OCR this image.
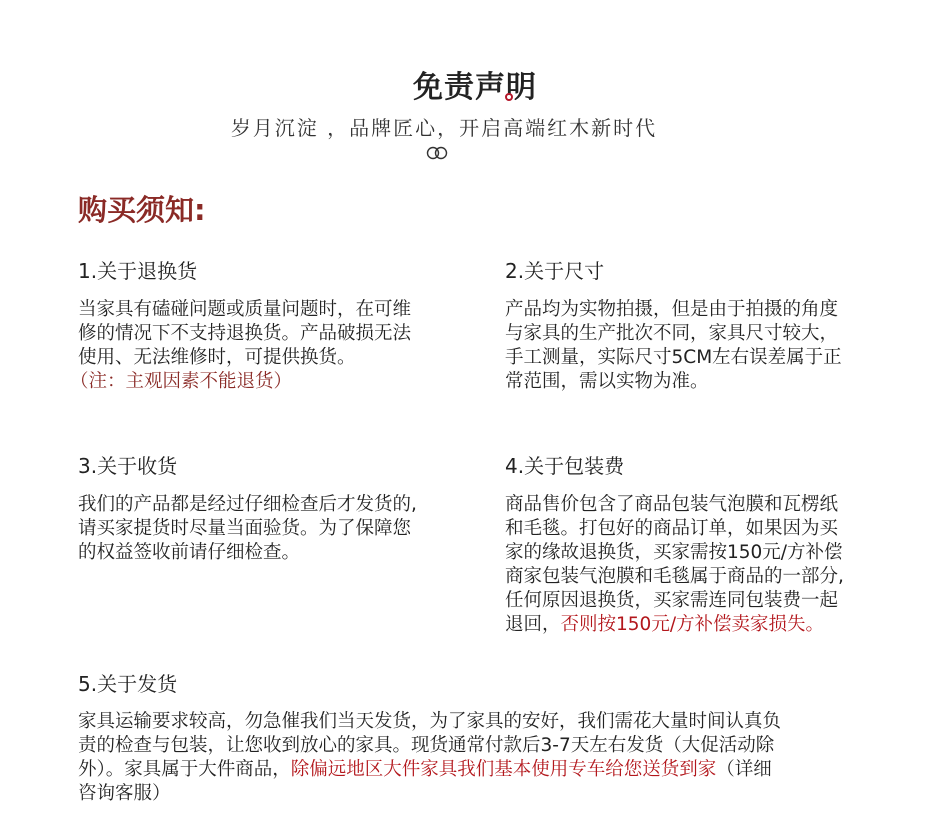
免责声明
岁月沉淀 ，品牌匠心，开启高端红木新时代
购买须知:
1.关于退换货
当家具有磕碰问题或质量问题时，在可维
修的情况下不支持退换货。产品破损无法
使用、无法维修时，可提供换货。
（注：主观因素不能退货）
2.关于尺寸
产品均为实物拍摄，但是由于拍摄的角度
与家具的生产批次不同，家具尺寸较大，
手工测量，实际尺寸5CM左右误差属于正
常范围，需以实物为准。
3.关于收货
我们的产品都是经过仔细检查后才发货的,
请买家提货时尽量当面验货。为了保障您
的权益签收前请仔细检查。
4.关于包装费
商品售价包含了商品包装气泡膜和瓦楞纸
和毛毯。打包好的商品订单，如果因为买
家的缘故退换货，买家需按150元/方补偿
商家包装气泡膜和毛毯属于商品的一部分,
任何原因退换货，买家需连同包装费一起
退回，否则按150元/方补偿卖家损失。
5.关于发货
家具运输要求较高，勿急催我们当天发货，为了家具的安好，我们需花大量时间认真负
责的检查与包装，让您收到放心的家具。现货通常付款后3-7天左右发货（大促活动除
外）。家具属于大件商品，除偏远地区大件家具我们基本使用专车给您送货到家（详细
咨询客服）
